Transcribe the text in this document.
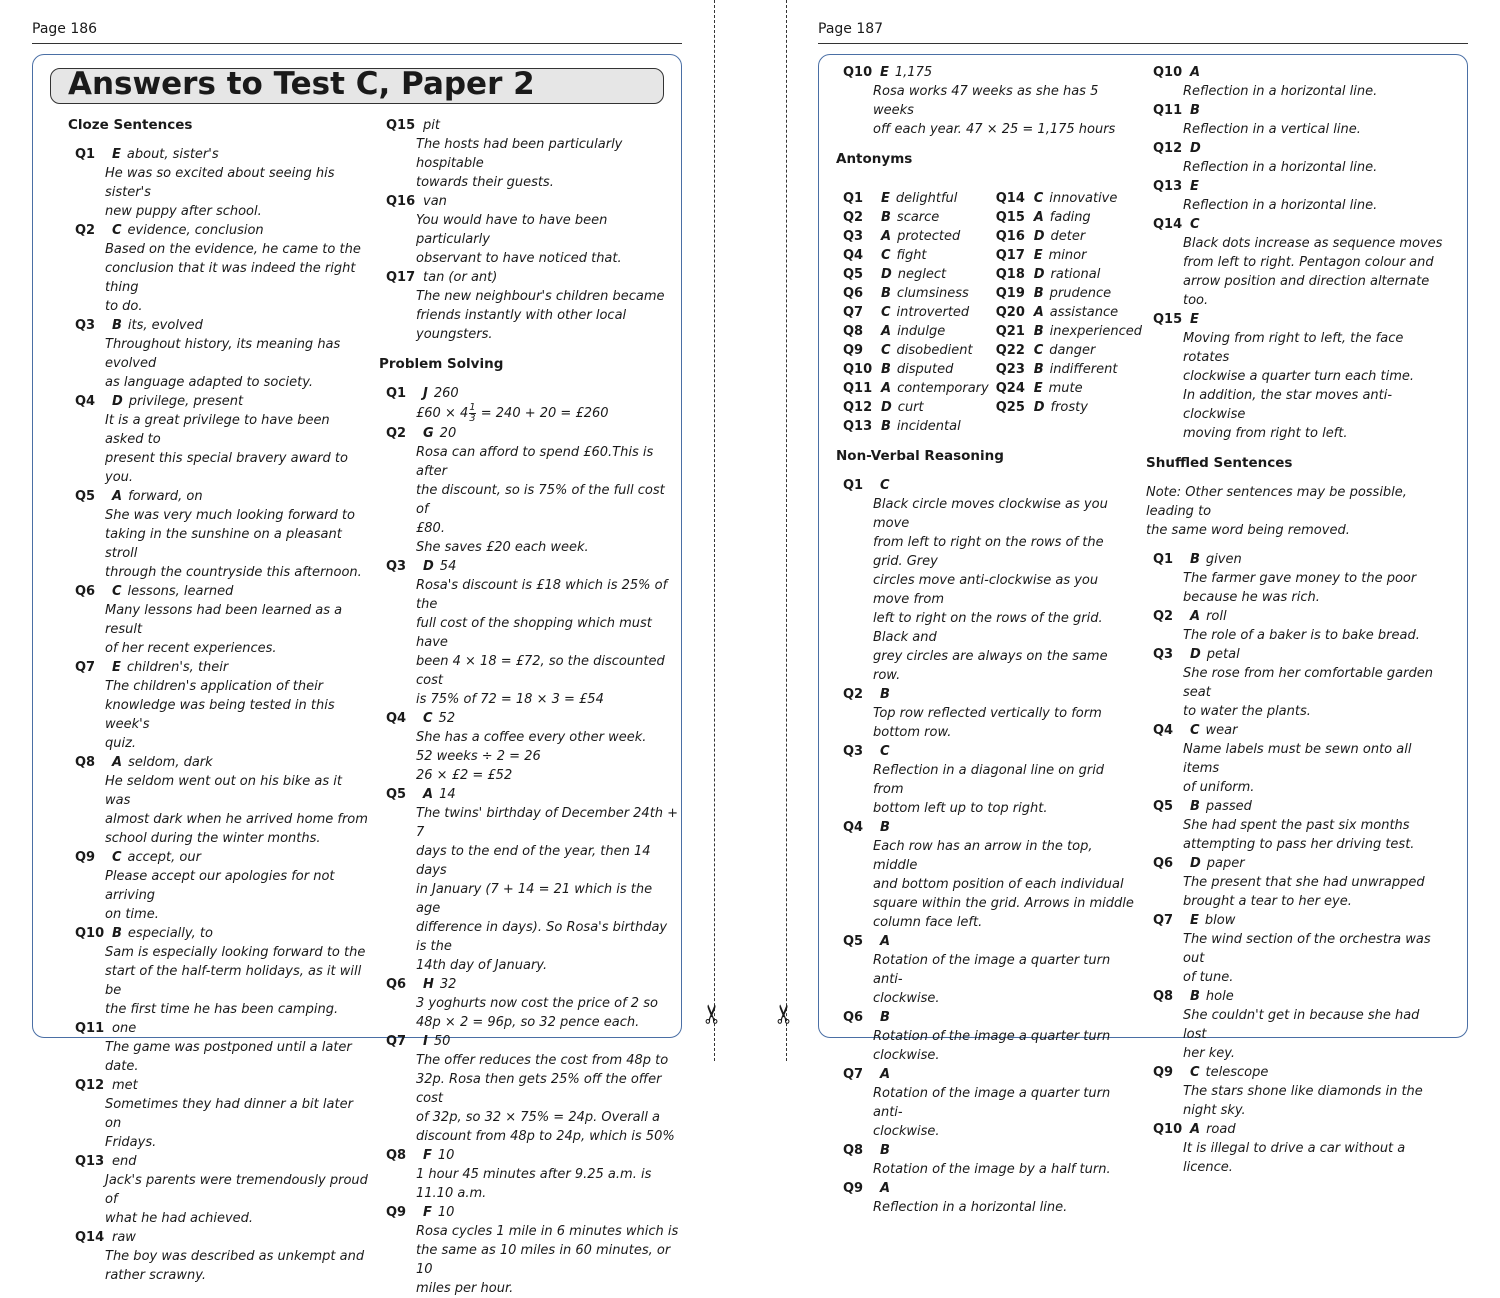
Page 186	Page 187
✂ ✂
Answers to Test C, Paper 2
Cloze Sentences
Q1	E about, sister's
He was so excited about seeing his sister's
new puppy after school.
Q2	C evidence, conclusion
Based on the evidence, he came to the
conclusion that it was indeed the right thing
to do.
Q3	B its, evolved
Throughout history, its meaning has evolved
as language adapted to society.
Q4	D privilege, present
It is a great privilege to have been asked to
present this special bravery award to you.
Q5	A forward, on
She was very much looking forward to
taking in the sunshine on a pleasant stroll
through the countryside this afternoon.
Q6	C lessons, learned
Many lessons had been learned as a result
of her recent experiences.
Q7	E children's, their
The children's application of their
knowledge was being tested in this week's
quiz.
Q8	A seldom, dark
He seldom went out on his bike as it was
almost dark when he arrived home from
school during the winter months.
Q9	C accept, our
Please accept our apologies for not arriving
on time.
Q10 B especially, to
Sam is especially looking forward to the
start of the half-term holidays, as it will be
the first time he has been camping.
Q11 one
The game was postponed until a later date.
Q12 met
Sometimes they had dinner a bit later on
Fridays.
Q13 end
Jack's parents were tremendously proud of
what he had achieved.
Q14 raw
The boy was described as unkempt and
rather scrawny.
Q15 pit
The hosts had been particularly hospitable
towards their guests.
Q16 van
You would have to have been particularly
observant to have noticed that.
Q17 tan (or ant)
The new neighbour's children became
friends instantly with other local youngsters.
Problem Solving
Q1	J 260
£60 × $4 \frac{1}{3} = 240 + 20$ = £260
Q2	G 20
Rosa can afford to spend £60.This is after
the discount, so is 75% of the full cost of
£80.
She saves £20 each week.
Q3	D 54
Rosa's discount is £18 which is 25% of the
full cost of the shopping which must have
been 4 × 18 = £72, so the discounted cost
is 75% of 72 = 18 × 3 = £54
Q4	C 52
She has a coffee every other week.
52 weeks ÷ 2 = 26
26 × £2 = £52
Q5	A 14
The twins' birthday of December 24th + 7
days to the end of the year, then 14 days
in January (7 + 14 = 21 which is the age
difference in days). So Rosa's birthday is the
14th day of January.
Q6	H 32
3 yoghurts now cost the price of 2 so
48p × 2 = 96p, so 32 pence each.
Q7	I 50
The offer reduces the cost from 48p to
32p. Rosa then gets 25% off the offer cost
of 32p, so 32 × 75% = 24p. Overall a
discount from 48p to 24p, which is 50%
Q8	F 10
1 hour 45 minutes after 9.25 a.m. is
11.10 a.m.
Q9	F 10
Rosa cycles 1 mile in 6 minutes which is
the same as 10 miles in 60 minutes, or 10
miles per hour.
Q10 E 1,175
Rosa works 47 weeks as she has 5 weeks
off each year. 47 × 25 = 1,175 hours
Antonyms
Q1	E delightful
Q2	B scarce
Q3	A protected
Q4	C fight
Q5	D neglect
Q6	B clumsiness
Q7	C introverted
Q8	A indulge
Q9	C disobedient
Q10 B disputed
Q11 A contemporary
Q12 D curt
Q13 B incidental
Q14 C innovative
Q15 A fading
Q16 D deter
Q17 E minor
Q18 D rational
Q19 B prudence
Q20 A assistance
Q21 B inexperienced
Q22 C danger
Q23 B indifferent
Q24 E mute
Q25 D frosty
Non-Verbal Reasoning
Q1	C
Black circle moves clockwise as you move
from left to right on the rows of the grid. Grey
circles move anti-clockwise as you move from
left to right on the rows of the grid. Black and
grey circles are always on the same row.
Q2	B
Top row reflected vertically to form
bottom row.
Q3	C
Reflection in a diagonal line on grid from
bottom left up to top right.
Q4	B
Each row has an arrow in the top, middle
and bottom position of each individual
square within the grid. Arrows in middle
column face left.
Q5	A
Rotation of the image a quarter turn anti-
clockwise.
Q6	B
Rotation of the image a quarter turn
clockwise.
Q7	A
Rotation of the image a quarter turn anti-
clockwise.
Q8	B
Rotation of the image by a half turn.
Q9	A
Reflection in a horizontal line.
Q10 A
Reflection in a horizontal line.
Q11 B
Reflection in a vertical line.
Q12 D
Reflection in a horizontal line.
Q13 E
Reflection in a horizontal line.
Q14 C
Black dots increase as sequence moves
from left to right. Pentagon colour and
arrow position and direction alternate too.
Q15 E
Moving from right to left, the face rotates
clockwise a quarter turn each time.
In addition, the star moves anti-clockwise
moving from right to left.
Shuffled Sentences
Note: Other sentences may be possible, leading to
the same word being removed.
Q1	B given
The farmer gave money to the poor
because he was rich.
Q2	A roll
The role of a baker is to bake bread.
Q3	D petal
She rose from her comfortable garden seat
to water the plants.
Q4	C wear
Name labels must be sewn onto all items
of uniform.
Q5	B passed
She had spent the past six months
attempting to pass her driving test.
Q6	D paper
The present that she had unwrapped
brought a tear to her eye.
Q7	E blow
The wind section of the orchestra was out
of tune.
Q8	B hole
She couldn't get in because she had lost
her key.
Q9	C telescope
The stars shone like diamonds in the
night sky.
Q10 A road
It is illegal to drive a car without a licence.
